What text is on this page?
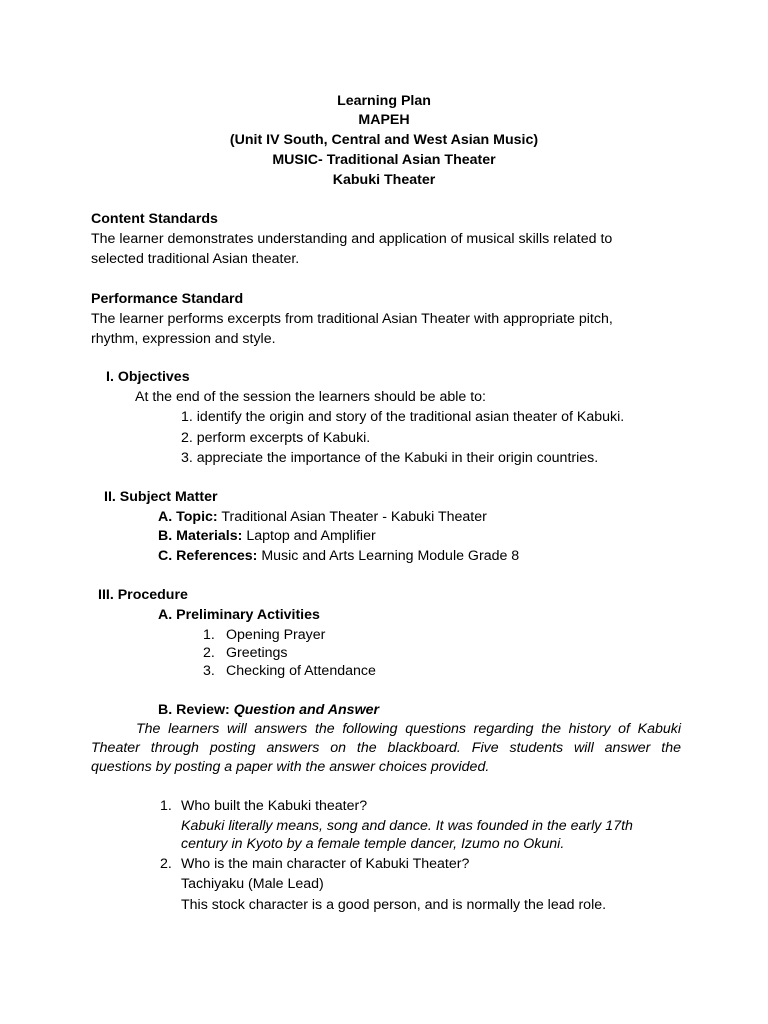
Learning Plan
MAPEH
(Unit IV South, Central and West Asian Music)
MUSIC- Traditional Asian Theater
Kabuki Theater
Content Standards
The learner demonstrates understanding and application of musical skills related to
selected traditional Asian theater.
Performance Standard
The learner performs excerpts from traditional Asian Theater with appropriate pitch,
rhythm, expression and style.
I. Objectives
At the end of the session the learners should be able to:
1. identify the origin and story of the traditional asian theater of Kabuki.
2. perform excerpts of Kabuki.
3. appreciate the importance of the Kabuki in their origin countries.
II. Subject Matter
A. Topic: Traditional Asian Theater - Kabuki Theater
B. Materials: Laptop and Amplifier
C. References: Music and Arts Learning Module Grade 8
III. Procedure
A. Preliminary Activities
1. Opening Prayer
2. Greetings
3. Checking of Attendance
B. Review: Question and Answer
The learners will answers the following questions regarding the history of Kabuki
Theater through posting answers on the blackboard. Five students will answer the
questions by posting a paper with the answer choices provided.
1. Who built the Kabuki theater?
Kabuki literally means, song and dance. It was founded in the early 17th
century in Kyoto by a female temple dancer, Izumo no Okuni.
2. Who is the main character of Kabuki Theater?
Tachiyaku (Male Lead)
This stock character is a good person, and is normally the lead role.
